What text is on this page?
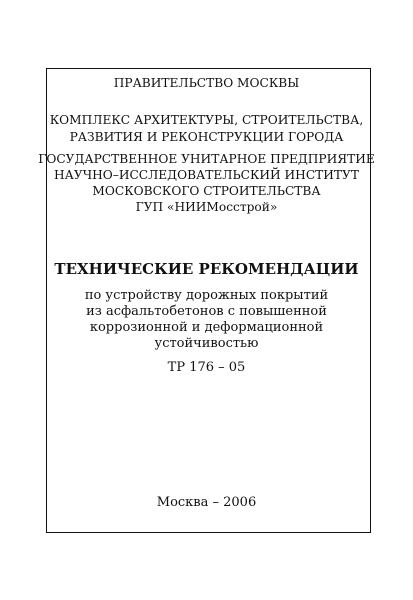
ПРАВИТЕЛЬСТВО МОСКВЫ
КОМПЛЕКС АРХИТЕКТУРЫ, СТРОИТЕЛЬСТВА,
РАЗВИТИЯ И РЕКОНСТРУКЦИИ ГОРОДА
ГОСУДАРСТВЕННОЕ УНИТАРНОЕ ПРЕДПРИЯТИЕ
НАУЧНО–ИССЛЕДОВАТЕЛЬСКИЙ ИНСТИТУТ
МОСКОВСКОГО СТРОИТЕЛЬСТВА
ГУП «НИИМосстрой»
ТЕХНИЧЕСКИЕ РЕКОМЕНДАЦИИ
по устройству дорожных покрытий
из асфальтобетонов с повышенной
коррозионной и деформационной
устойчивостью
ТР 176 – 05
Москва – 2006
